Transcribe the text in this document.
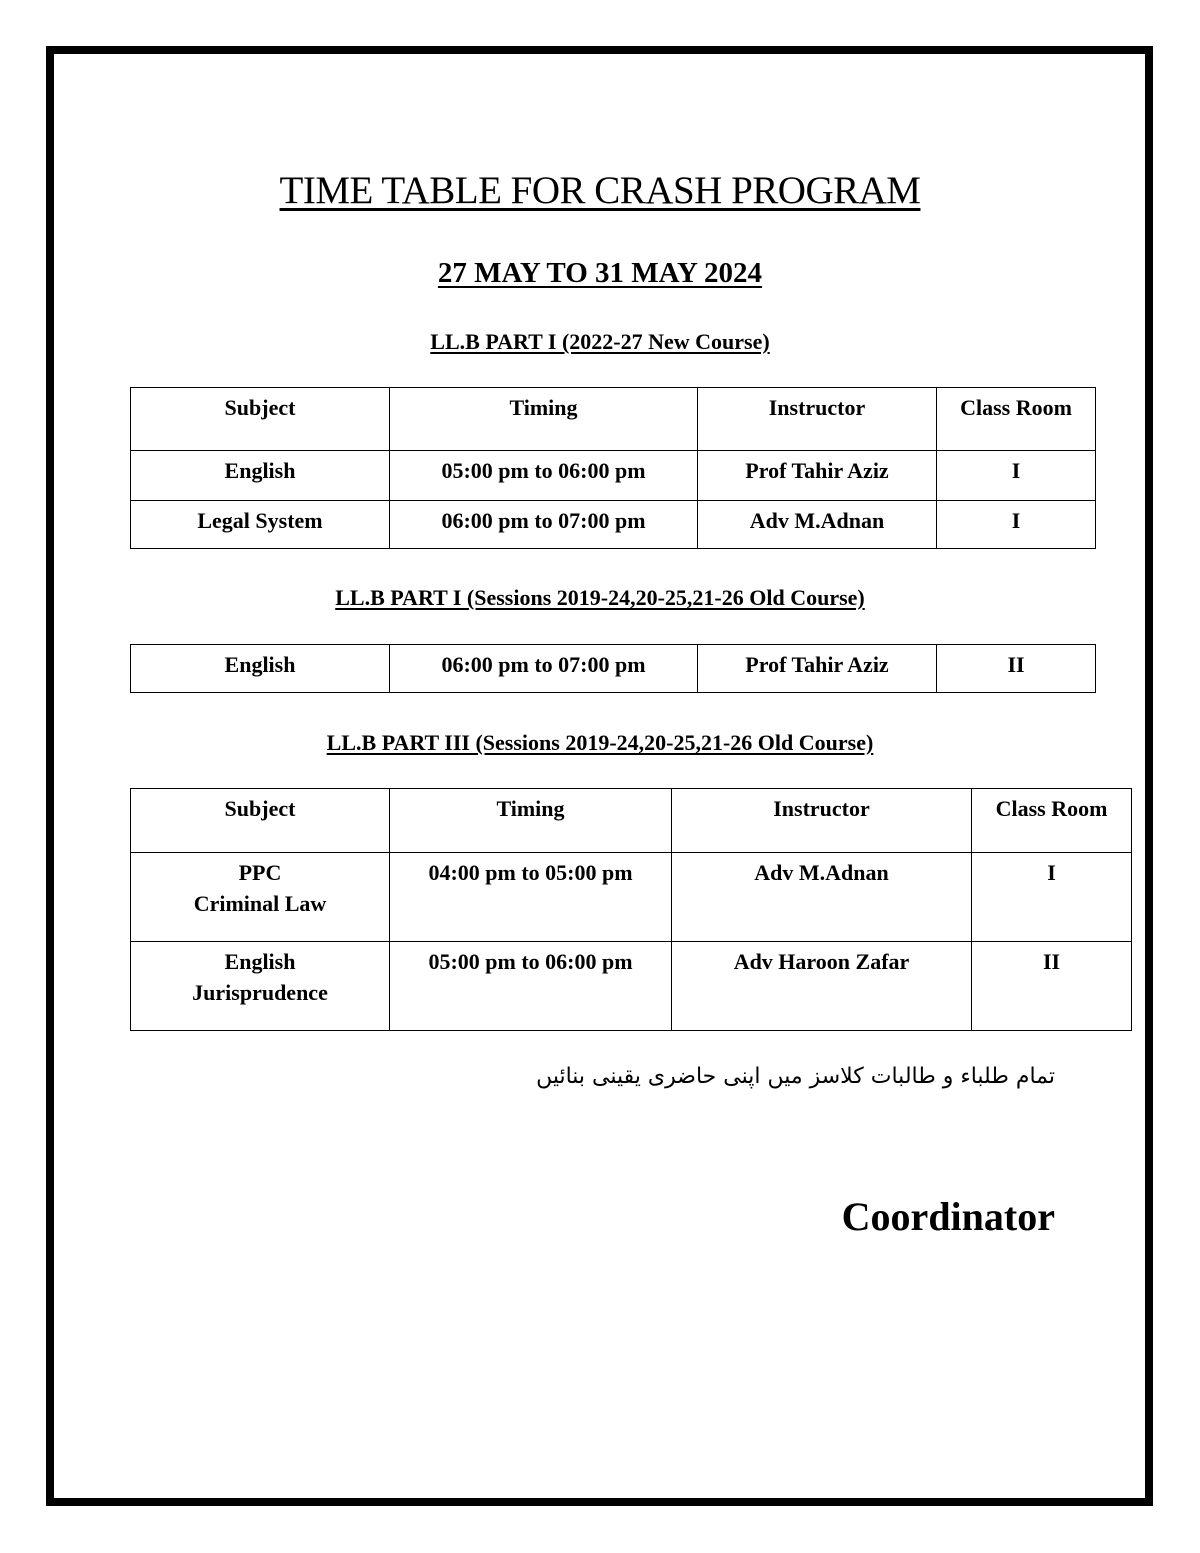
TIME TABLE FOR CRASH PROGRAM
27 MAY TO 31 MAY 2024
LL.B PART I (2022-27 New Course)
Subject	Timing	Instructor	Class Room
English	05:00 pm to 06:00 pm	Prof Tahir Aziz	I
Legal System	06:00 pm to 07:00 pm	Adv M.Adnan	I
LL.B PART I (Sessions 2019-24,20-25,21-26 Old Course)
English	06:00 pm to 07:00 pm	Prof Tahir Aziz	II
LL.B PART III (Sessions 2019-24,20-25,21-26 Old Course)
Subject	Timing	Instructor	Class Room

PPC
Criminal Law	04:00 pm to 05:00 pm	Adv M.Adnan	I

English
Jurisprudence	05:00 pm to 06:00 pm	Adv Haroon Zafar	II
تمام طلباء و طالبات کلاسز میں اپنی حاضری یقینی بنائیں
Coordinator
